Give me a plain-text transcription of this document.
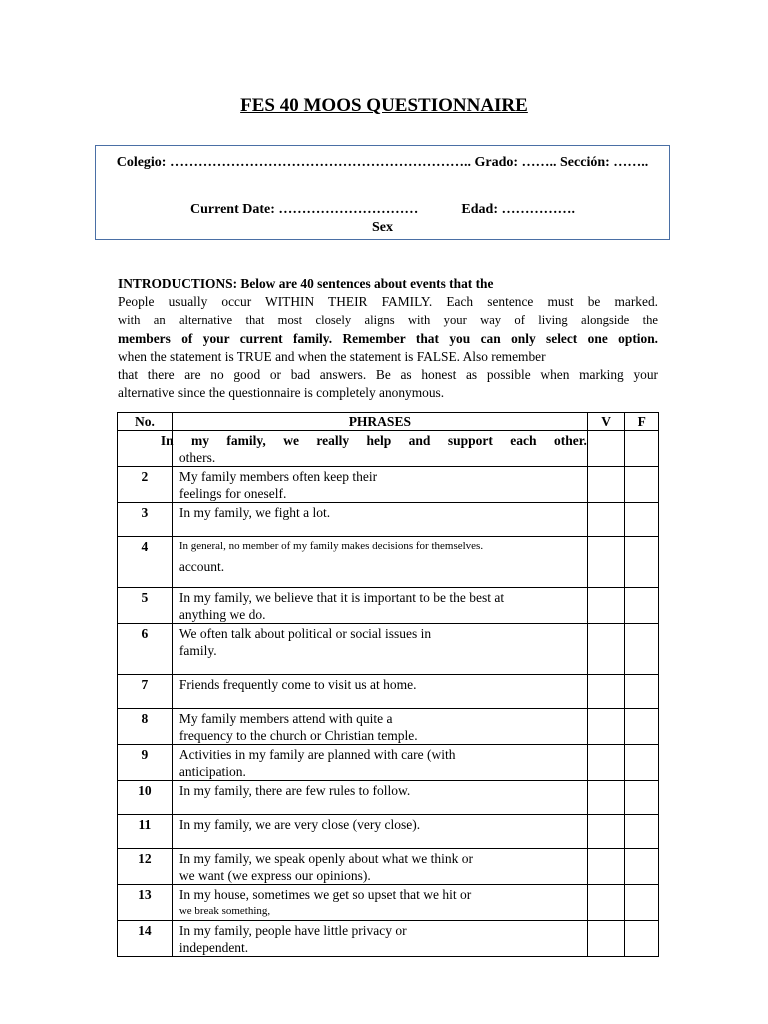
FES 40 MOOS QUESTIONNAIRE
Colegio: ……………………………………………………….. Grado: …….. Sección: ……..
Current Date: …………………………	Edad: …………….
Sex
INTRODUCTIONS: Below are 40 sentences about events that the
People usually occur WITHIN THEIR FAMILY. Each sentence must be marked.
with an alternative that most closely aligns with your way of living alongside the
members of your current family. Remember that you can only select one option.
when the statement is TRUE and when the statement is FALSE. Also remember
that there are no good or bad answers. Be as honest as possible when marking your
alternative since the questionnaire is completely anonymous.
No.	PHRASES	V	F

	In my family, we really help and support each other.
others.		

2	My family members often keep their
feelings for oneself.		

3	In my family, we fight a lot.		

4	In general, no member of my family makes decisions for themselves.
account.		

5	In my family, we believe that it is important to be the best at
anything we do.		

6	We often talk about political or social issues in
family.		

7	Friends frequently come to visit us at home.		

8	My family members attend with quite a
frequency to the church or Christian temple.		

9	Activities in my family are planned with care (with
anticipation.		

10	In my family, there are few rules to follow.		

11	In my family, we are very close (very close).		

12	In my family, we speak openly about what we think or
we want (we express our opinions).		

13	In my house, sometimes we get so upset that we hit or
we break something,		

14	In my family, people have little privacy or
independent.		
